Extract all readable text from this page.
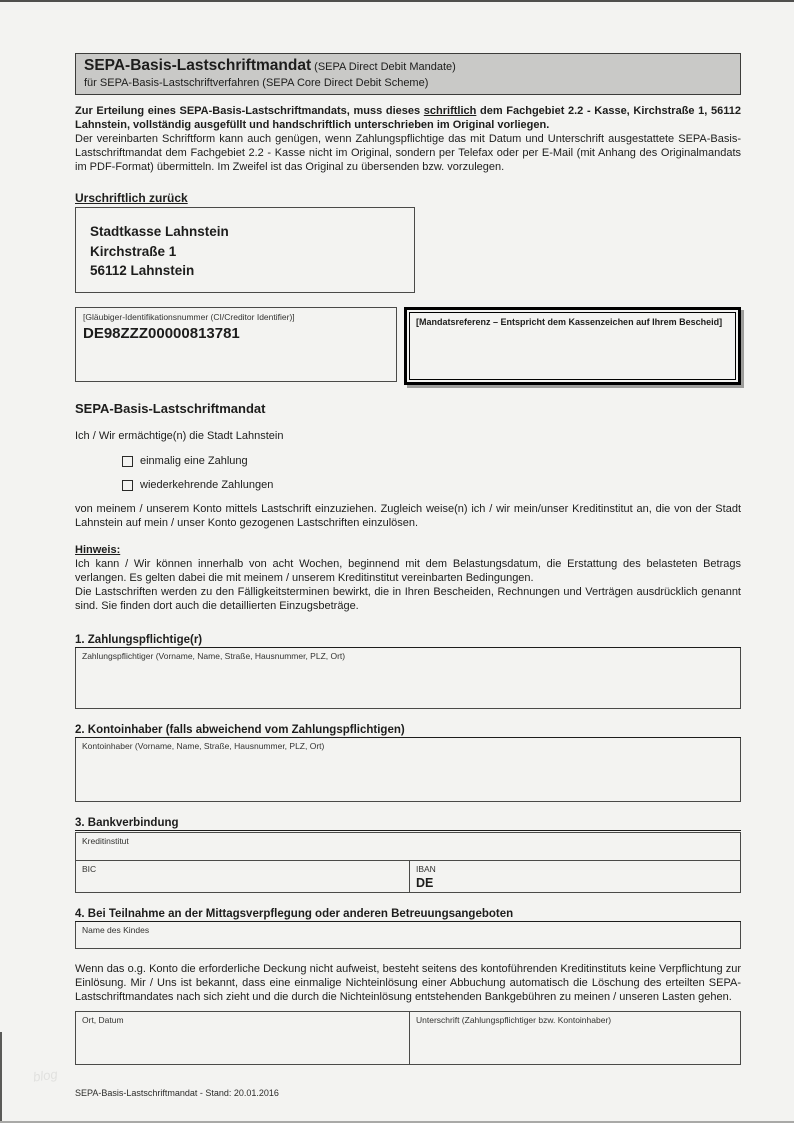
blog
SEPA-Basis-Lastschriftmandat (SEPA Direct Debit Mandate)
für SEPA-Basis-Lastschriftverfahren (SEPA Core Direct Debit Scheme)

Zur Erteilung eines SEPA-Basis-Lastschriftmandats, muss dieses schriftlich dem Fachgebiet 2.2 - Kasse, Kirchstraße 1, 56112 Lahnstein, vollständig ausgefüllt und handschriftlich unterschrieben im Original vorliegen.

Der vereinbarten Schriftform kann auch genügen, wenn Zahlungspflichtige das mit Datum und Unterschrift ausgestattete SEPA-Basis-Lastschriftmandat dem Fachgebiet 2.2 - Kasse nicht im Original, sondern per Telefax oder per E-Mail (mit Anhang des Originalmandats im PDF-Format) übermitteln. Im Zweifel ist das Original zu übersenden bzw. vorzulegen.

Urschriftlich zurück
Stadtkasse Lahnstein
Kirchstraße 1
56112 Lahnstein
[Gläubiger-Identifikationsnummer (CI/Creditor Identifier)]
DE98ZZZ00000813781
[Mandatsreferenz – Entspricht dem Kassenzeichen auf Ihrem Bescheid]
SEPA-Basis-Lastschriftmandat

Ich / Wir ermächtige(n) die Stadt Lahnstein

einmalig eine Zahlung
wiederkehrende Zahlungen

von meinem / unserem Konto mittels Lastschrift einzuziehen. Zugleich weise(n) ich / wir mein/unser Kreditinstitut an, die von der Stadt Lahnstein auf mein / unser Konto gezogenen Lastschriften einzulösen.

Hinweis:

Ich kann / Wir können innerhalb von acht Wochen, beginnend mit dem Belastungsdatum, die Erstattung des belasteten Betrags verlangen. Es gelten dabei die mit meinem / unserem Kreditinstitut vereinbarten Bedingungen.

Die Lastschriften werden zu den Fälligkeitsterminen bewirkt, die in Ihren Bescheiden, Rechnungen und Verträgen ausdrücklich genannt sind. Sie finden dort auch die detaillierten Einzugsbeträge.

1. Zahlungspflichtige(r)
Zahlungspflichtiger (Vorname, Name, Straße, Hausnummer, PLZ, Ort)
2. Kontoinhaber (falls abweichend vom Zahlungspflichtigen)
Kontoinhaber (Vorname, Name, Straße, Hausnummer, PLZ, Ort)
3. Bankverbindung
Kreditinstitut
BIC	IBAN
DE
4. Bei Teilnahme an der Mittagsverpflegung oder anderen Betreuungsangeboten
Name des Kindes

Wenn das o.g. Konto die erforderliche Deckung nicht aufweist, besteht seitens des kontoführenden Kreditinstituts keine Verpflichtung zur Einlösung. Mir / Uns ist bekannt, dass eine einmalige Nichteinlösung einer Abbuchung automatisch die Löschung des erteilten SEPA-Lastschriftmandates nach sich zieht und die durch die Nichteinlösung entstehenden Bankgebühren zu meinen / unseren Lasten gehen.

Ort, Datum	Unterschrift (Zahlungspflichtiger bzw. Kontoinhaber)
SEPA-Basis-Lastschriftmandat - Stand: 20.01.2016
